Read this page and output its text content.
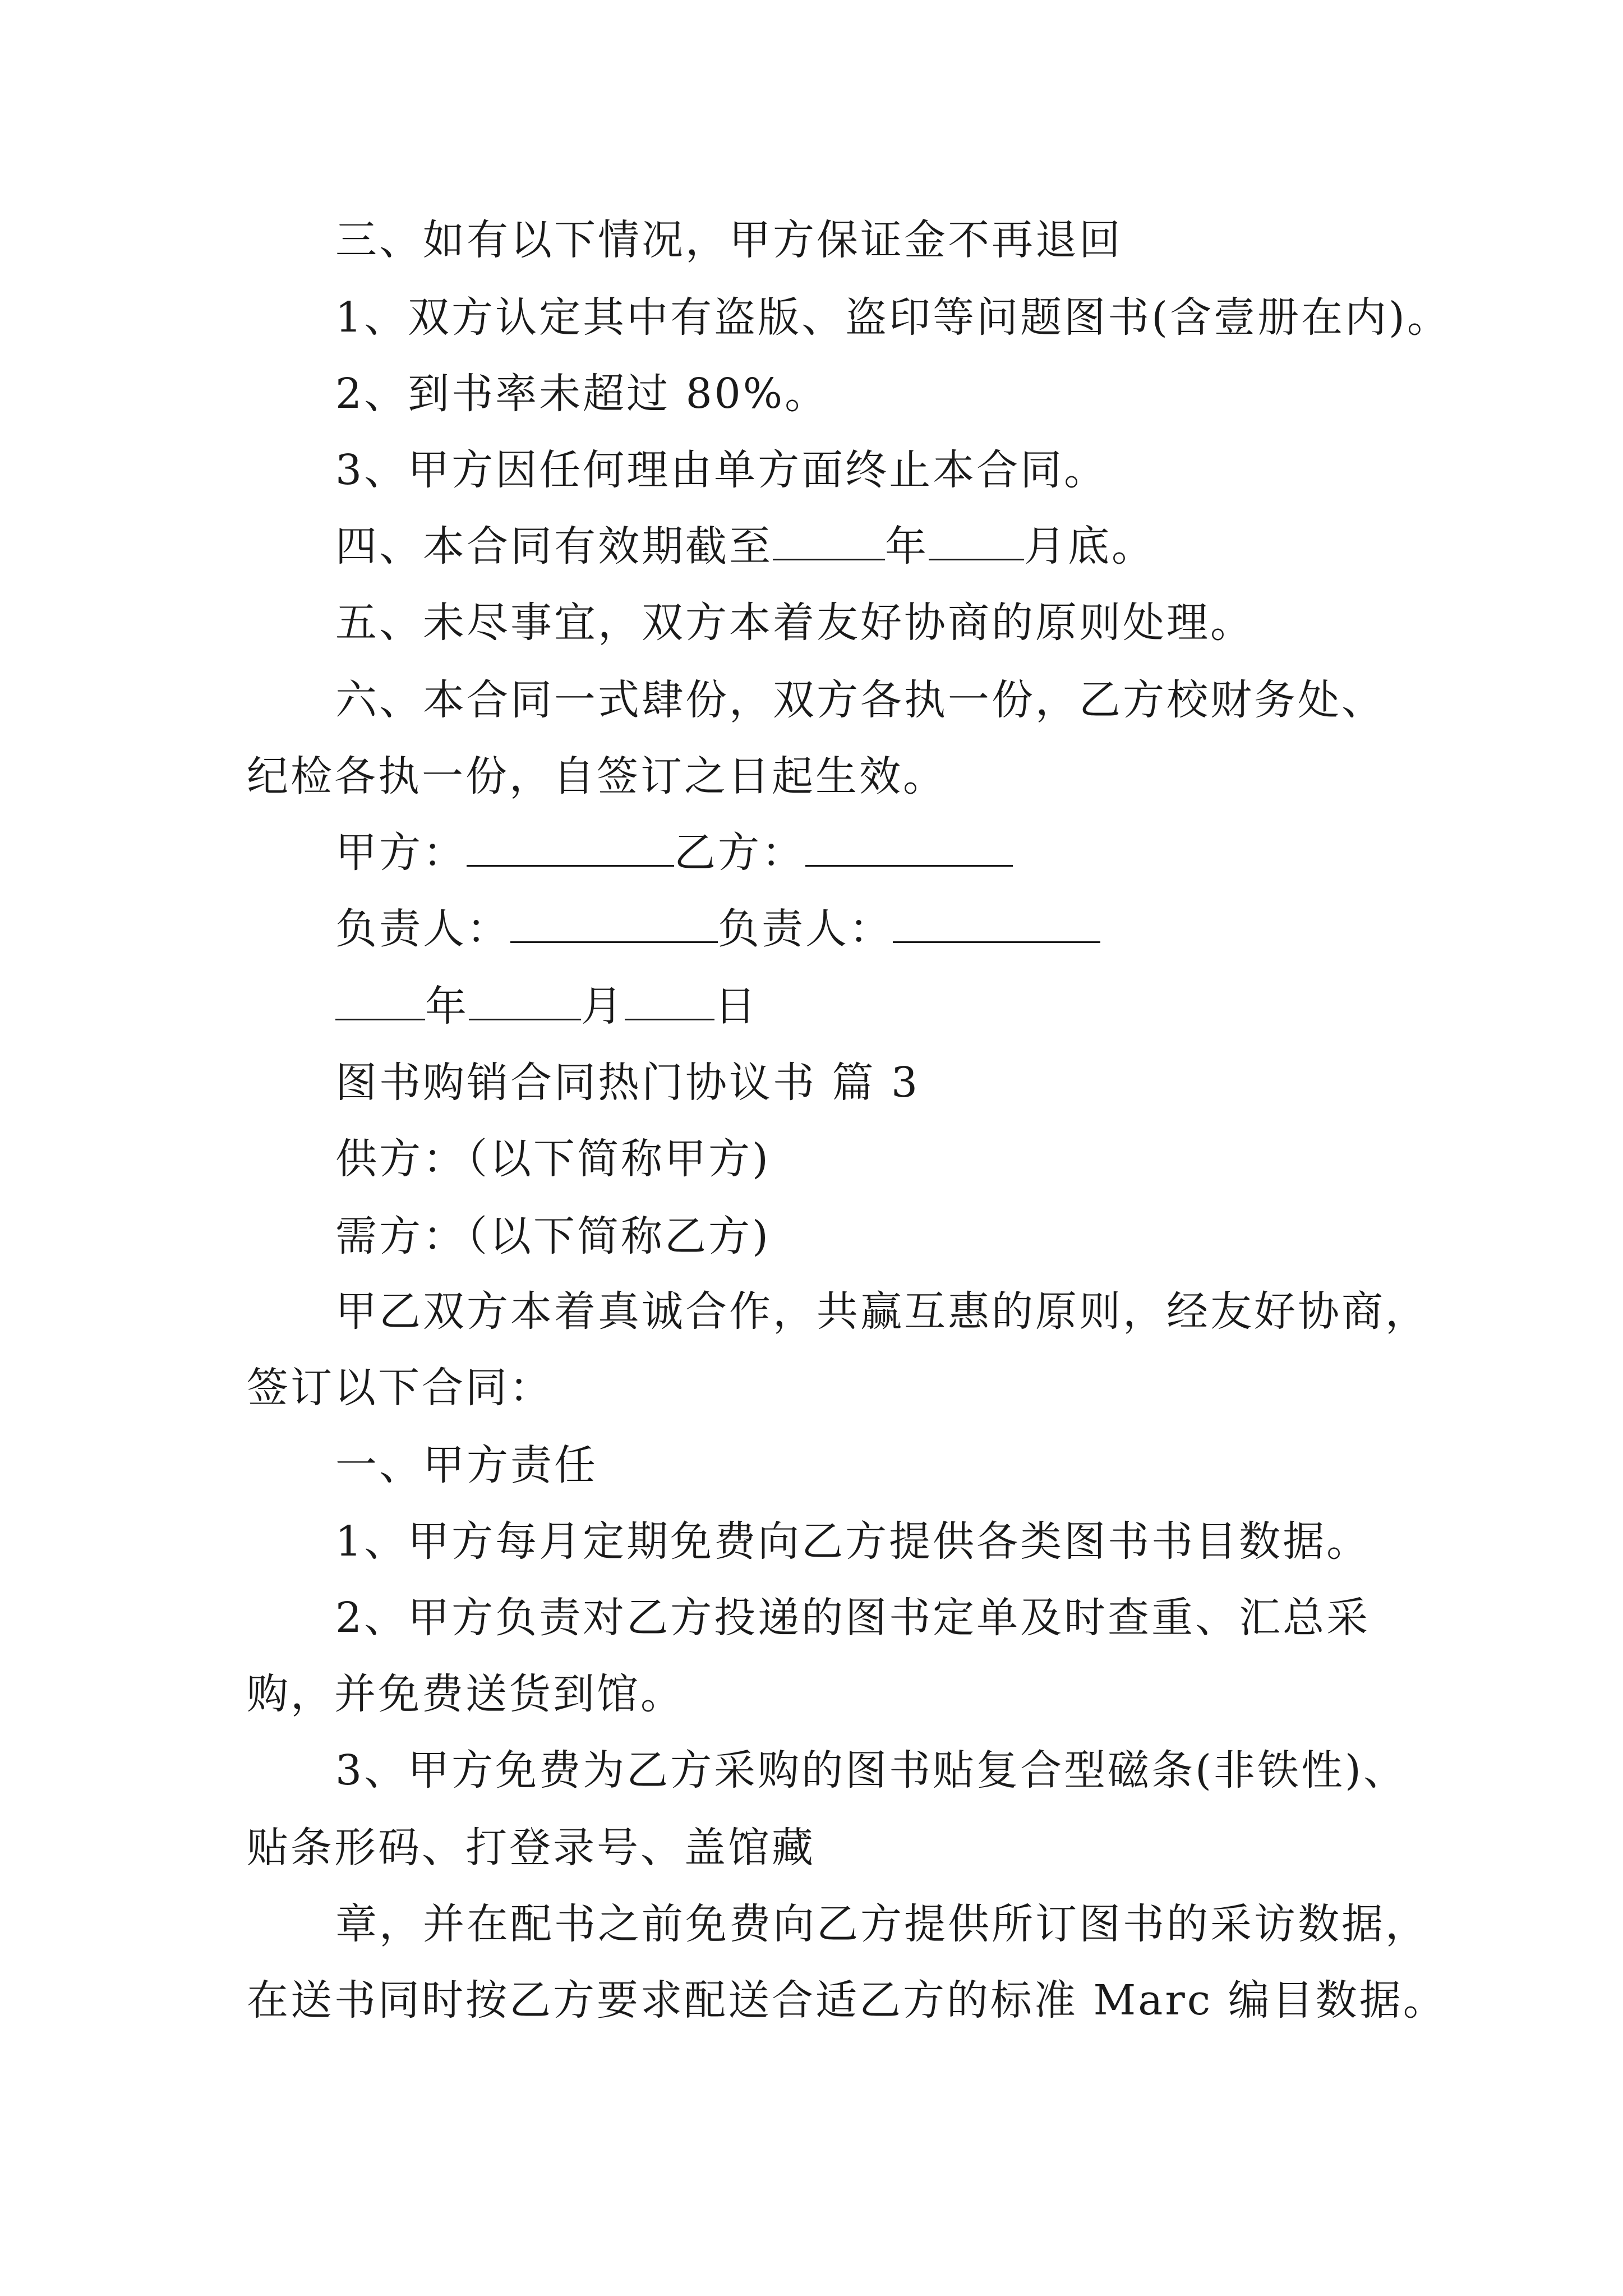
三、如有以下情况，甲方保证金不再退回
1、双方认定其中有盗版、盗印等问题图书(含壹册在内)。
2、到书率未超过 80%。
3、甲方因任何理由单方面终止本合同。
四、本合同有效期截至	年 月底。
五、未尽事宜，双方本着友好协商的原则处理。
六、本合同一式肆份，双方各执一份，乙方校财务处、
纪检各执一份，自签订之日起生效。
甲方：	乙方：
负责人：	负责人：
年	月 日
图书购销合同热门协议书 篇 3
供方：（以下简称甲方)
需方：（以下简称乙方)
甲乙双方本着真诚合作，共赢互惠的原则，经友好协商，
签订以下合同：
一、甲方责任
1、甲方每月定期免费向乙方提供各类图书书目数据。
2、甲方负责对乙方投递的图书定单及时查重、汇总采
购，并免费送货到馆。
3、甲方免费为乙方采购的图书贴复合型磁条(非铁性)、
贴条形码、打登录号、盖馆藏
章，并在配书之前免费向乙方提供所订图书的采访数据，
在送书同时按乙方要求配送合适乙方的标准 Marc 编目数据。
